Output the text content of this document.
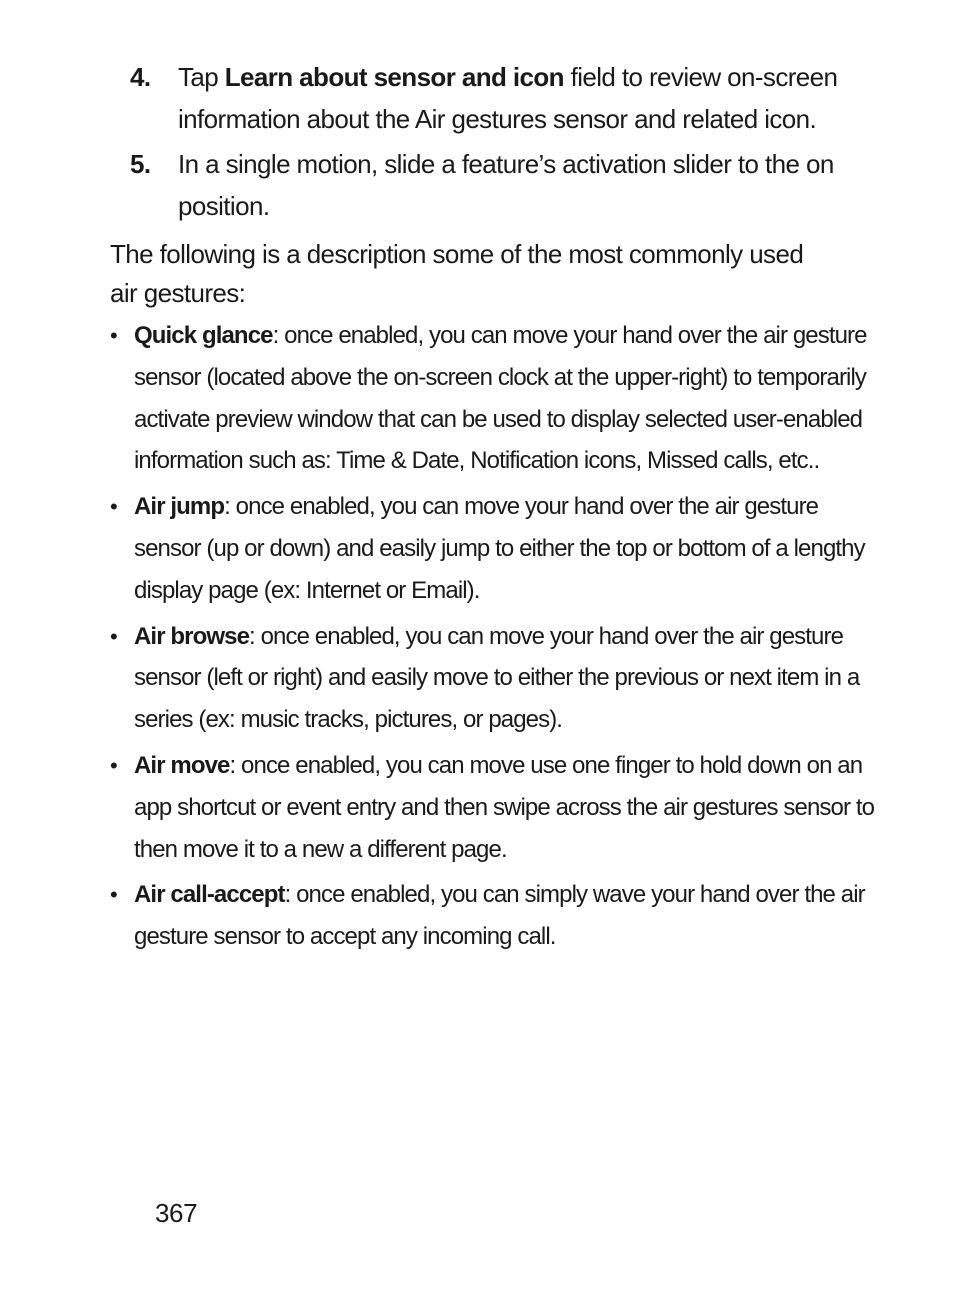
4. Tap Learn about sensor and icon field to review on-screen information about the Air gestures sensor and related icon.
5. In a single motion, slide a feature’s activation slider to the on position.

The following is a description some of the most commonly used air gestures:

• Quick glance: once enabled, you can move your hand over the air gesture sensor (located above the on-screen clock at the upper-right) to temporarily activate preview window that can be used to display selected user-enabled information such as: Time & Date, Notification icons, Missed calls, etc..
• Air jump: once enabled, you can move your hand over the air gesture sensor (up or down) and easily jump to either the top or bottom of a lengthy display page (ex: Internet or Email).
• Air browse: once enabled, you can move your hand over the air gesture sensor (left or right) and easily move to either the previous or next item in a series (ex: music tracks, pictures, or pages).
• Air move: once enabled, you can move use one finger to hold down on an app shortcut or event entry and then swipe across the air gestures sensor to then move it to a new a different page.
• Air call-accept: once enabled, you can simply wave your hand over the air gesture sensor to accept any incoming call.
367
